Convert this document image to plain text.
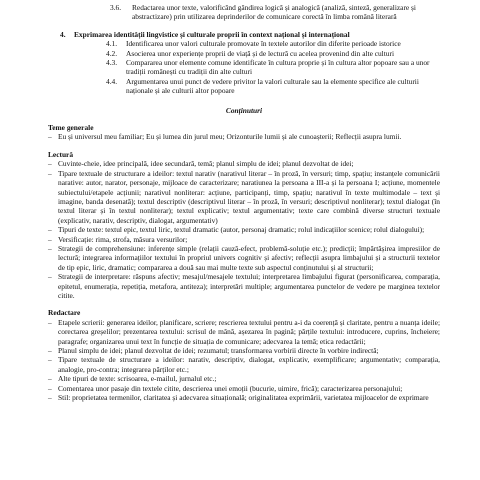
3.6.	Redactarea unor texte, valorificând gândirea logică și analogică (analiză, sinteză, generalizare și abstractizare) prin utilizarea deprinderilor de comunicare corectă în limba română literară
4.	Exprimarea identității lingvistice și culturale proprii în context național și internațional
4.1.	Identificarea unor valori culturale promovate în textele autorilor din diferite perioade istorice
4.2.	Asocierea unor experiențe proprii de viață și de lectură cu acelea provenind din alte culturi
4.3.	Compararea unor elemente comune identificate în cultura proprie și în cultura altor popoare sau a unor tradiții românești cu tradiții din alte culturi
4.4.	Argumentarea unui punct de vedere privitor la valori culturale sau la elemente specifice ale culturii naționale și ale culturii altor popoare
Conținuturi
Teme generale
– Eu și universul meu familiar; Eu și lumea din jurul meu; Orizonturile lumii și ale cunoașterii; Reflecții asupra lumii.
Lectură
– Cuvinte-cheie, idee principală, idee secundară, temă; planul simplu de idei; planul dezvoltat de idei;
– Tipare textuale de structurare a ideilor: textul narativ (narativul literar – în proză, în versuri; timp, spațiu; instanțele comunicării narative: autor, narator, personaje, mijloace de caracterizare; naratiunea la persoana a III-a și la persoana I; acțiune, momentele subiectului/etapele acțiunii; narativul nonliterar: acțiune, participanți, timp, spațiu; narativul în texte multimodale – text și imagine, banda desenată); textul descriptiv (descriptivul literar – în proză, în versuri; descriptivul nonliterar); textul dialogat (în textul literar și în textul nonliterar); textul explicativ; textul argumentativ; texte care combină diverse structuri textuale (explicativ, narativ, descriptiv, dialogat, argumentativ)
– Tipuri de texte: textul epic, textul liric, textul dramatic (autor, personaj dramatic; rolul indicațiilor scenice; rolul dialogului);
– Versificație: rima, strofa, măsura versurilor;
– Strategii de comprehensiune: inferențe simple (relații cauză-efect, problemă-soluție etc.); predicții; împărtășirea impresiilor de lectură; integrarea informațiilor textului în propriul univers cognitiv și afectiv; reflecții asupra limbajului și a structurii textelor de tip epic, liric, dramatic; compararea a două sau mai multe texte sub aspectul conținutului și al structurii;
– Strategii de interpretare: răspuns afectiv; mesajul/mesajele textului; interpretarea limbajului figurat (personificarea, comparația, epitetul, enumerația, repetiția, metafora, antiteza); interpretări multiple; argumentarea punctelor de vedere pe marginea textelor citite.
Redactare
– Etapele scrierii: generarea ideilor, planificare, scriere; rescrierea textului pentru a-i da coerență și claritate, pentru a nuanța ideile; corectarea greșelilor; prezentarea textului: scrisul de mână, așezarea în pagină; părțile textului: introducere, cuprins, încheiere; paragrafe; organizarea unui text în funcție de situația de comunicare; adecvarea la temă; etica redactării;
– Planul simplu de idei; planul dezvoltat de idei; rezumatul; transformarea vorbirii directe în vorbire indirectă;
– Tipare textuale de structurare a ideilor: narativ, descriptiv, dialogat, explicativ, exemplificare; argumentativ; comparația, analogie, pro-contra; integrarea părților etc.;
– Alte tipuri de texte: scrisoarea, e-mailul, jurnalul etc.;
– Comentarea unor pasaje din textele citite, descrierea unei emoții (bucurie, uimire, frică); caracterizarea personajului;
– Stil: proprietatea termenilor, claritatea și adecvarea situațională; originalitatea exprimării, varietatea mijloacelor de exprimare
